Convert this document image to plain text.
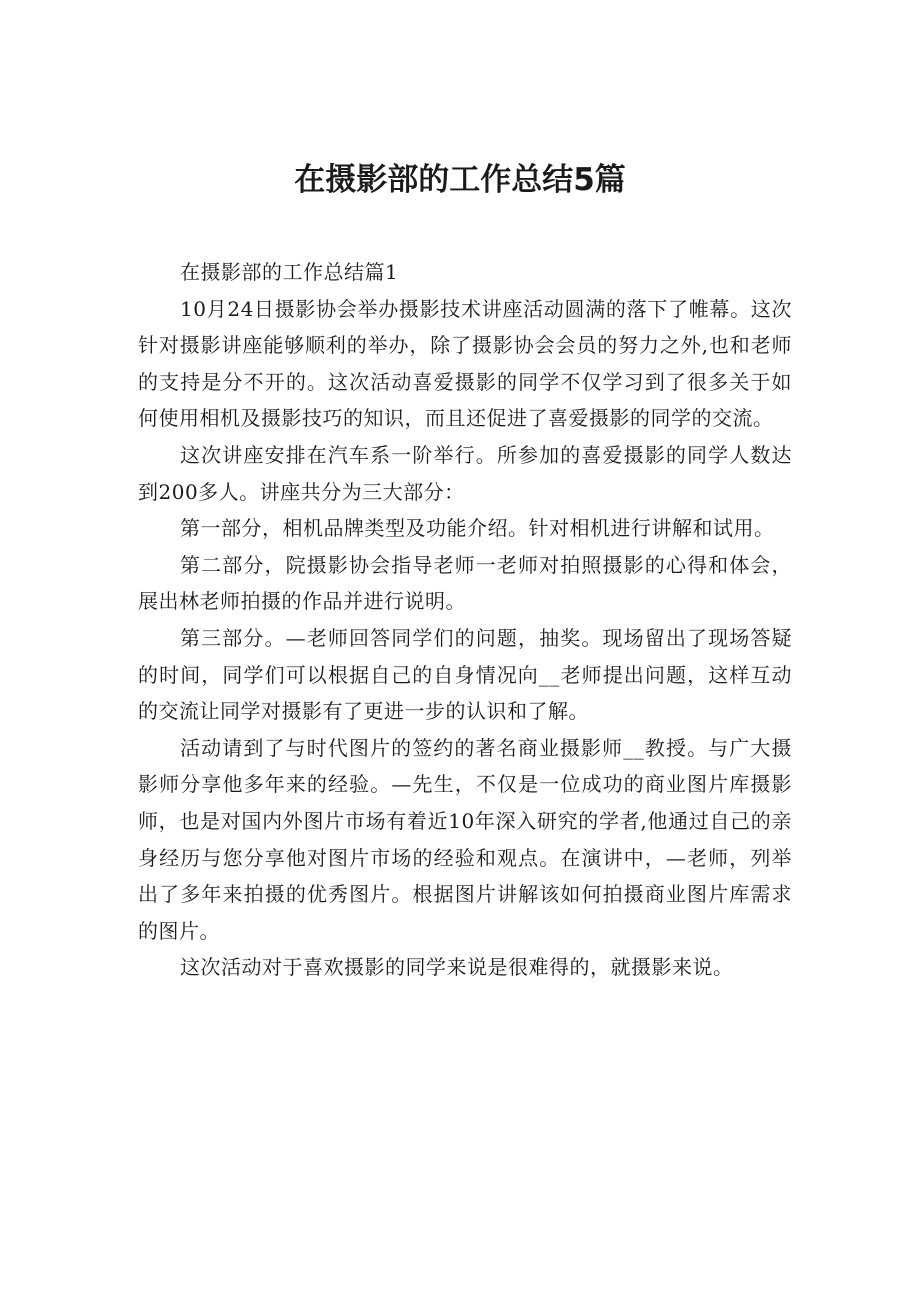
在摄影部的工作总结5篇

在摄影部的工作总结篇1

10月24日摄影协会举办摄影技术讲座活动圆满的落下了帷幕。这次针对摄影讲座能够顺利的举办，除了摄影协会会员的努力之外,也和老师的支持是分不开的。这次活动喜爱摄影的同学不仅学习到了很多关于如何使用相机及摄影技巧的知识，而且还促进了喜爱摄影的同学的交流。

这次讲座安排在汽车系一阶举行。所参加的喜爱摄影的同学人数达到200多人。讲座共分为三大部分：

第一部分，相机品牌类型及功能介绍。针对相机进行讲解和试用。

第二部分，院摄影协会指导老师一老师对拍照摄影的心得和体会，展出林老师拍摄的作品并进行说明。

第三部分。—老师回答同学们的问题，抽奖。现场留出了现场答疑的时间，同学们可以根据自己的自身情况向__老师提出问题，这样互动的交流让同学对摄影有了更进一步的认识和了解。

活动请到了与时代图片的签约的著名商业摄影师__教授。与广大摄影师分享他多年来的经验。—先生，不仅是一位成功的商业图片库摄影师，也是对国内外图片市场有着近10年深入研究的学者,他通过自己的亲身经历与您分享他对图片市场的经验和观点。在演讲中，—老师，列举出了多年来拍摄的优秀图片。根据图片讲解该如何拍摄商业图片库需求的图片。

这次活动对于喜欢摄影的同学来说是很难得的，就摄影来说。
